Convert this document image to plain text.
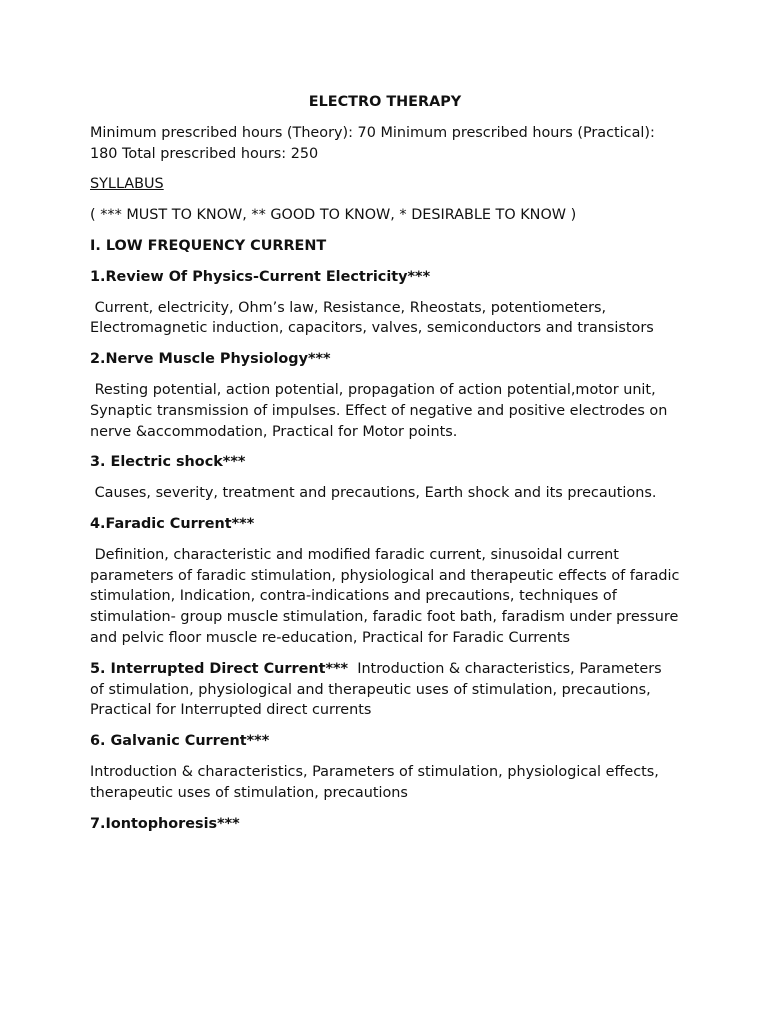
ELECTRO THERAPY

Minimum prescribed hours (Theory): 70 Minimum prescribed hours (Practical): 180 Total prescribed hours: 250

SYLLABUS

( *** MUST TO KNOW, ** GOOD TO KNOW, * DESIRABLE TO KNOW )

I. LOW FREQUENCY CURRENT

1.Review Of Physics-Current Electricity***

Current, electricity, Ohm’s law, Resistance, Rheostats, potentiometers, Electromagnetic induction, capacitors, valves, semiconductors and transistors

2.Nerve Muscle Physiology***

Resting potential, action potential, propagation of action potential,motor unit, Synaptic transmission of impulses. Effect of negative and positive electrodes on nerve &accommodation, Practical for Motor points.

3. Electric shock***

Causes, severity, treatment and precautions, Earth shock and its precautions.

4.Faradic Current***

Definition, characteristic and modified faradic current, sinusoidal current parameters of faradic stimulation, physiological and therapeutic effects of faradic stimulation, Indication, contra-indications and precautions, techniques of stimulation- group muscle stimulation, faradic foot bath, faradism under pressure and pelvic floor muscle re-education, Practical for Faradic Currents

5. Interrupted Direct Current***  Introduction & characteristics, Parameters of stimulation, physiological and therapeutic uses of stimulation, precautions, Practical for Interrupted direct currents

6. Galvanic Current***

Introduction & characteristics, Parameters of stimulation, physiological effects, therapeutic uses of stimulation, precautions

7.Iontophoresis***
